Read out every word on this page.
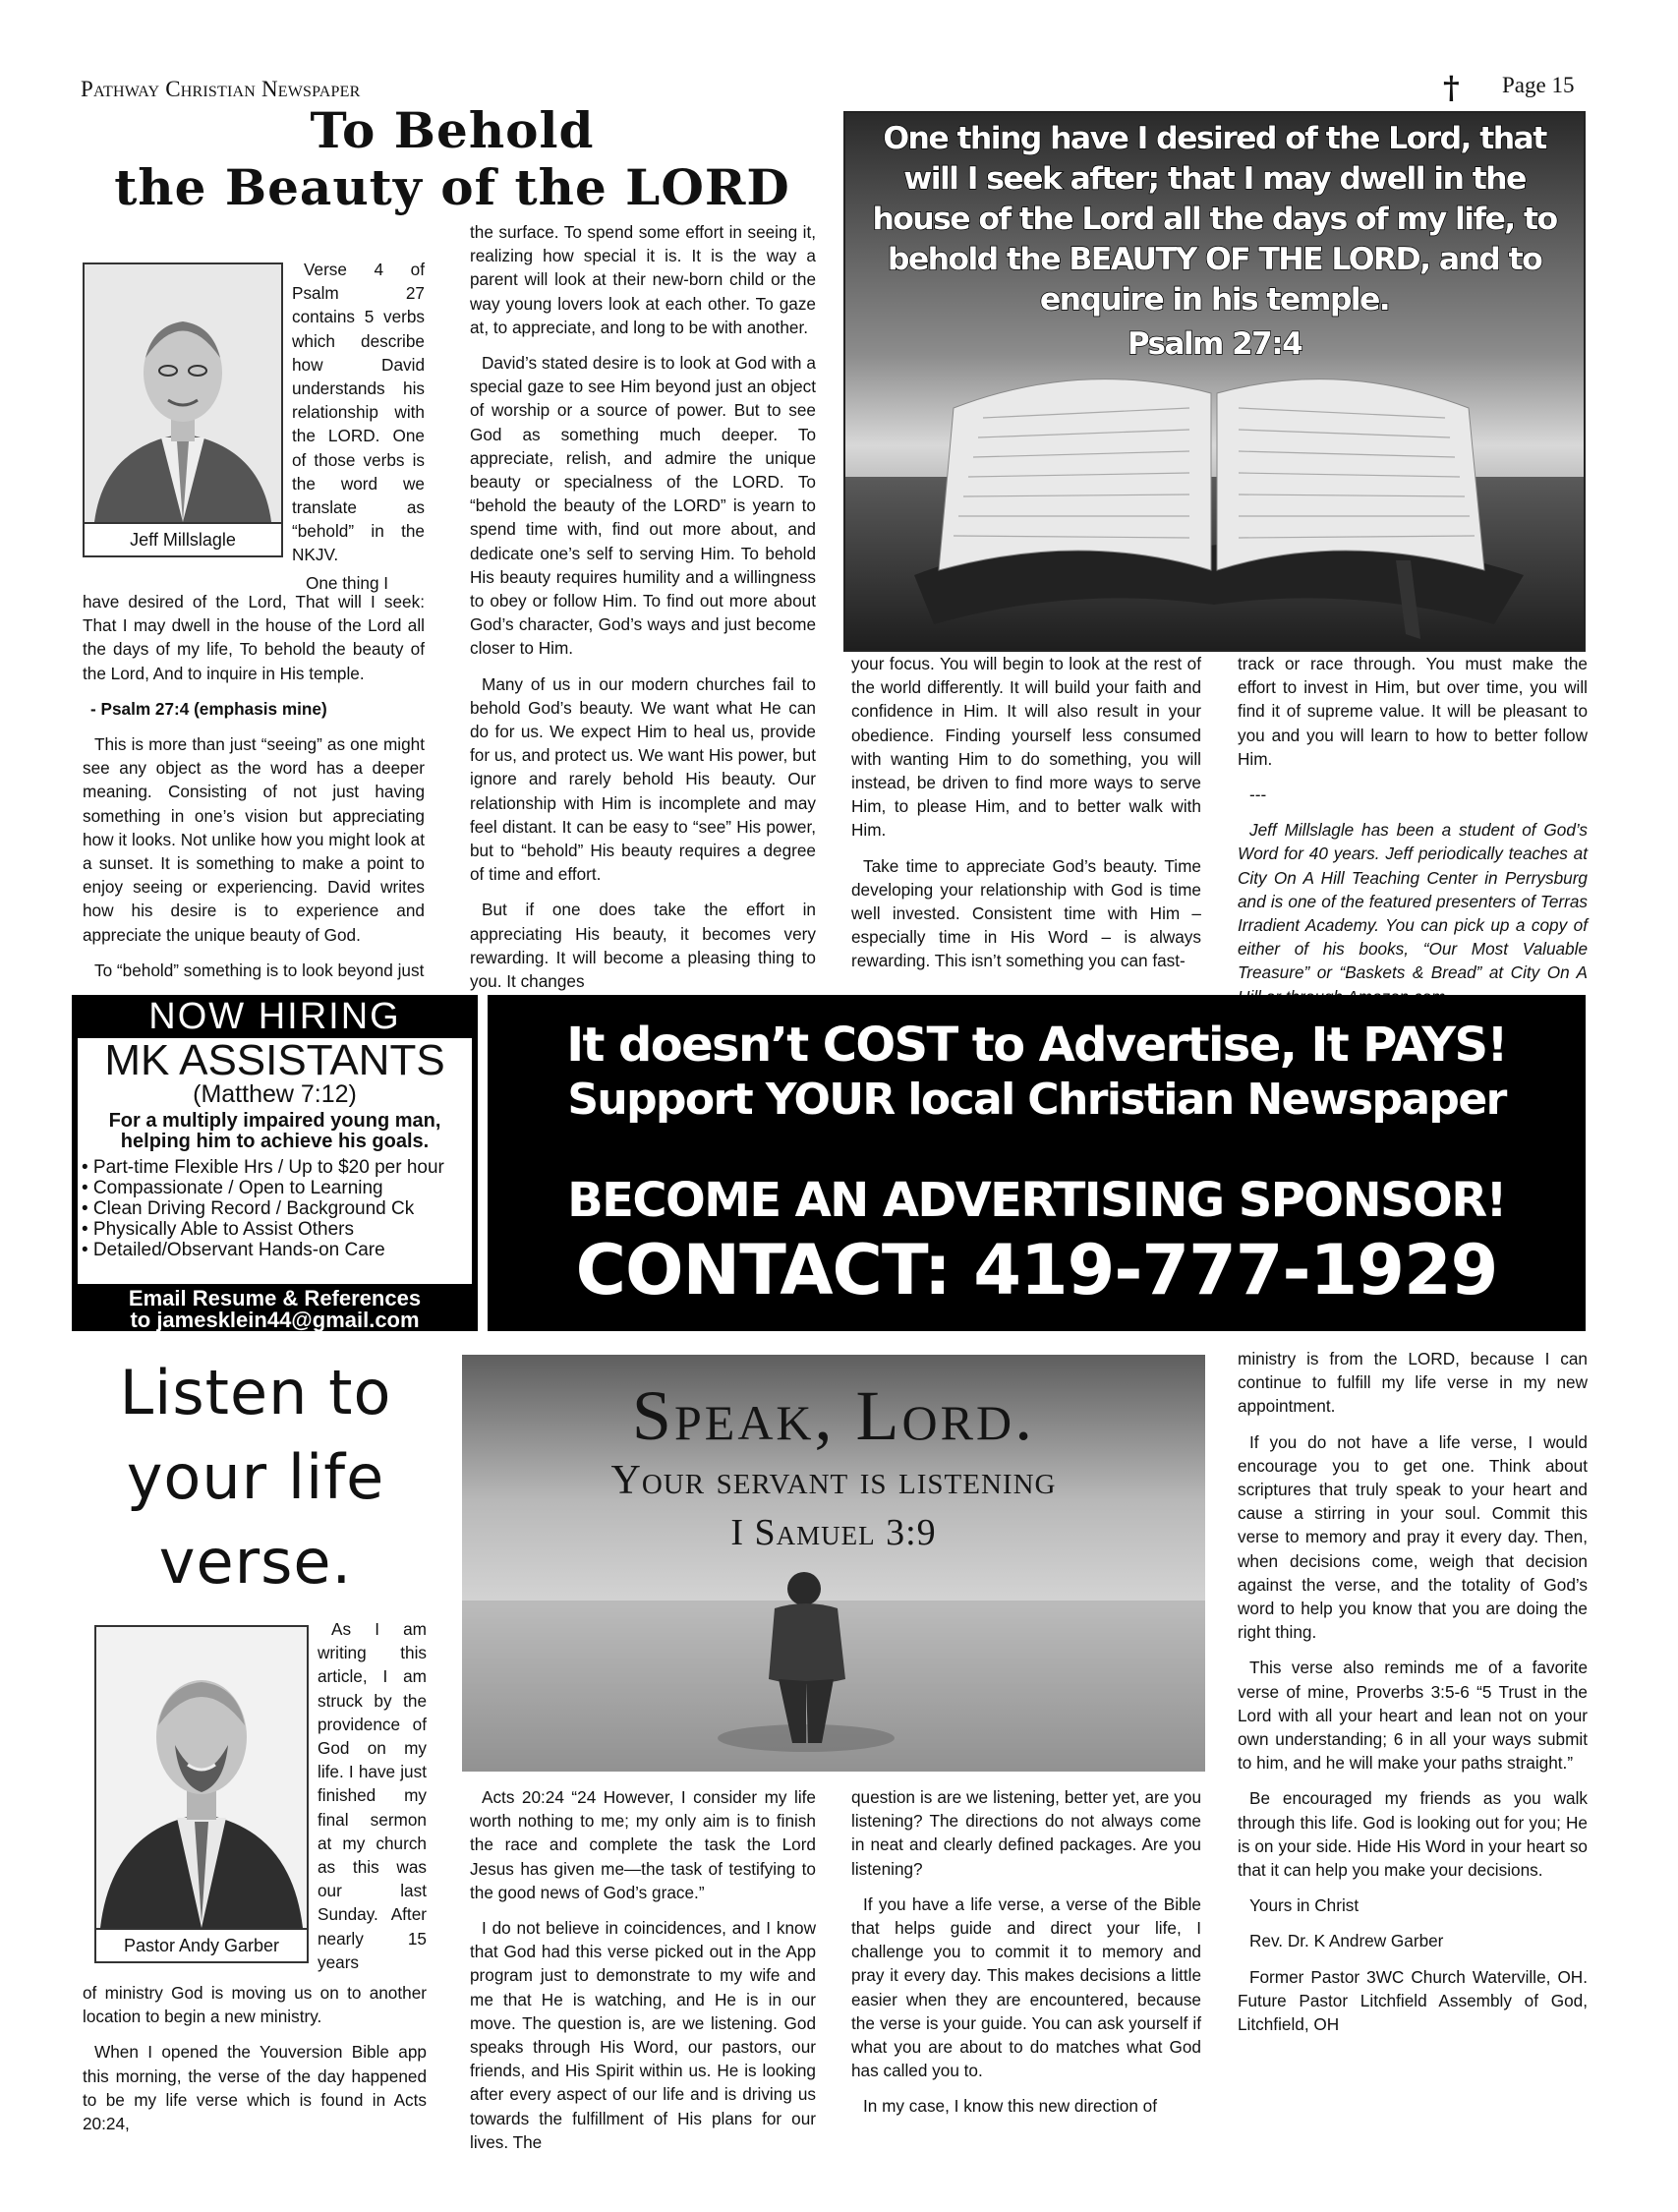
Pathway Christian Newspaper	† Page 15
To Behold
the Beauty of the LORD
Jeff Millslagle

Verse 4 of Psalm 27 contains 5 verbs which describe how David understands his relationship with the LORD. One of those verbs is the word we translate as “behold” in the NKJV.

One thing I

have desired of the Lord, That will I seek: That I may dwell in the house of the Lord all the days of my life, To behold the beauty of the Lord, And to inquire in His temple.

- Psalm 27:4 (emphasis mine)

This is more than just “seeing” as one might see any object as the word has a deeper meaning. Consisting of not just having something in one’s vision but appreciating how it looks. Not unlike how you might look at a sunset. It is something to make a point to enjoy seeing or experiencing. David writes how his desire is to experience and appreciate the unique beauty of God.

To “behold” something is to look beyond just

the surface. To spend some effort in seeing it, realizing how special it is. It is the way a parent will look at their new-born child or the way young lovers look at each other. To gaze at, to appreciate, and long to be with another.

David’s stated desire is to look at God with a special gaze to see Him beyond just an object of worship or a source of power. But to see God as something much deeper. To appreciate, relish, and admire the unique beauty or specialness of the LORD. To “behold the beauty of the LORD” is yearn to spend time with, find out more about, and dedicate one’s self to serving Him. To behold His beauty requires humility and a willingness to obey or follow Him. To find out more about God’s character, God’s ways and just become closer to Him.

Many of us in our modern churches fail to behold God’s beauty. We want what He can do for us. We expect Him to heal us, provide for us, and protect us. We want His power, but ignore and rarely behold His beauty. Our relationship with Him is incomplete and may feel distant. It can be easy to “see” His power, but to “behold” His beauty requires a degree of time and effort.

But if one does take the effort in appreciating His beauty, it becomes very rewarding. It will become a pleasing thing to you. It changes

One thing have I desired of the Lord, that will I seek after; that I may dwell in the house of the Lord all the days of my life, to behold the BEAUTY OF THE LORD, and to enquire in his temple.
Psalm 27:4

your focus. You will begin to look at the rest of the world differently. It will build your faith and confidence in Him. It will also result in your obedience. Finding yourself less consumed with wanting Him to do something, you will instead, be driven to find more ways to serve Him, to please Him, and to better walk with Him.

Take time to appreciate God’s beauty. Time developing your relationship with God is time well invested. Consistent time with Him – especially time in His Word – is always rewarding. This isn’t something you can fast-

track or race through. You must make the effort to invest in Him, but over time, you will find it of supreme value. It will be pleasant to you and you will learn to how to better follow Him.

---

Jeff Millslagle has been a student of God’s Word for 40 years. Jeff periodically teaches at City On A Hill Teaching Center in Perrysburg and is one of the featured presenters of Terras Irradient Academy. You can pick up a copy of either of his books, “Our Most Valuable Treasure” or “Baskets & Bread” at City On A

NOW HIRING
MK ASSISTANTS
(Matthew 7:12)
For a multiply impaired young man, helping him to achieve his goals.
• Part-time Flexible Hrs / Up to $20 per hour
• Compassionate / Open to Learning
• Clean Driving Record / Background Ck
• Physically Able to Assist Others
• Detailed/Observant Hands-on Care
Email Resume & References
to jamesklein44@gmail.com
It doesn’t COST to Advertise, It PAYS!
Support YOUR local Christian Newspaper
BECOME AN ADVERTISING SPONSOR!
CONTACT: 419-777-1929
Listen to your life verse.
Pastor Andy Garber

As I am writing this article, I am struck by the providence of God on my life. I have just finished my final sermon at my church as this was our last Sunday. After nearly 15 years

of ministry God is moving us on to another location to begin a new ministry.

When I opened the Youversion Bible app this morning, the verse of the day happened to be my life verse which is found in Acts 20:24,

Speak, Lord.
Your servant is listening
I Samuel 3:9

Acts 20:24 “24 However, I consider my life worth nothing to me; my only aim is to finish the race and complete the task the Lord Jesus has given me—the task of testifying to the good news of God’s grace.”

I do not believe in coincidences, and I know that God had this verse picked out in the App program just to demonstrate to my wife and me that He is watching, and He is in our move. The question is, are we listening. God speaks through His Word, our pastors, our friends, and His Spirit within us. He is looking after every aspect of our life and is driving us towards the fulfillment of His plans for our lives. The

question is are we listening, better yet, are you listening? The directions do not always come in neat and clearly defined packages. Are you listening?

If you have a life verse, a verse of the Bible that helps guide and direct your life, I challenge you to commit it to memory and pray it every day. This makes decisions a little easier when they are encountered, because the verse is your guide. You can ask yourself if what you are about to do matches what God has called you to.

In my case, I know this new direction of

ministry is from the LORD, because I can continue to fulfill my life verse in my new appointment.

If you do not have a life verse, I would encourage you to get one. Think about scriptures that truly speak to your heart and cause a stirring in your soul. Commit this verse to memory and pray it every day. Then, when decisions come, weigh that decision against the verse, and the totality of God’s word to help you know that you are doing the right thing.

This verse also reminds me of a favorite verse of mine, Proverbs 3:5-6 “5 Trust in the Lord with all your heart and lean not on your own understanding; 6 in all your ways submit to him, and he will make your paths straight.”

Be encouraged my friends as you walk through this life. God is looking out for you; He is on your side. Hide His Word in your heart so that it can help you make your decisions.

Yours in Christ

Rev. Dr. K Andrew Garber

Former Pastor 3WC Church Waterville, OH. Future Pastor Litchfield Assembly of God, Litchfield, OH
